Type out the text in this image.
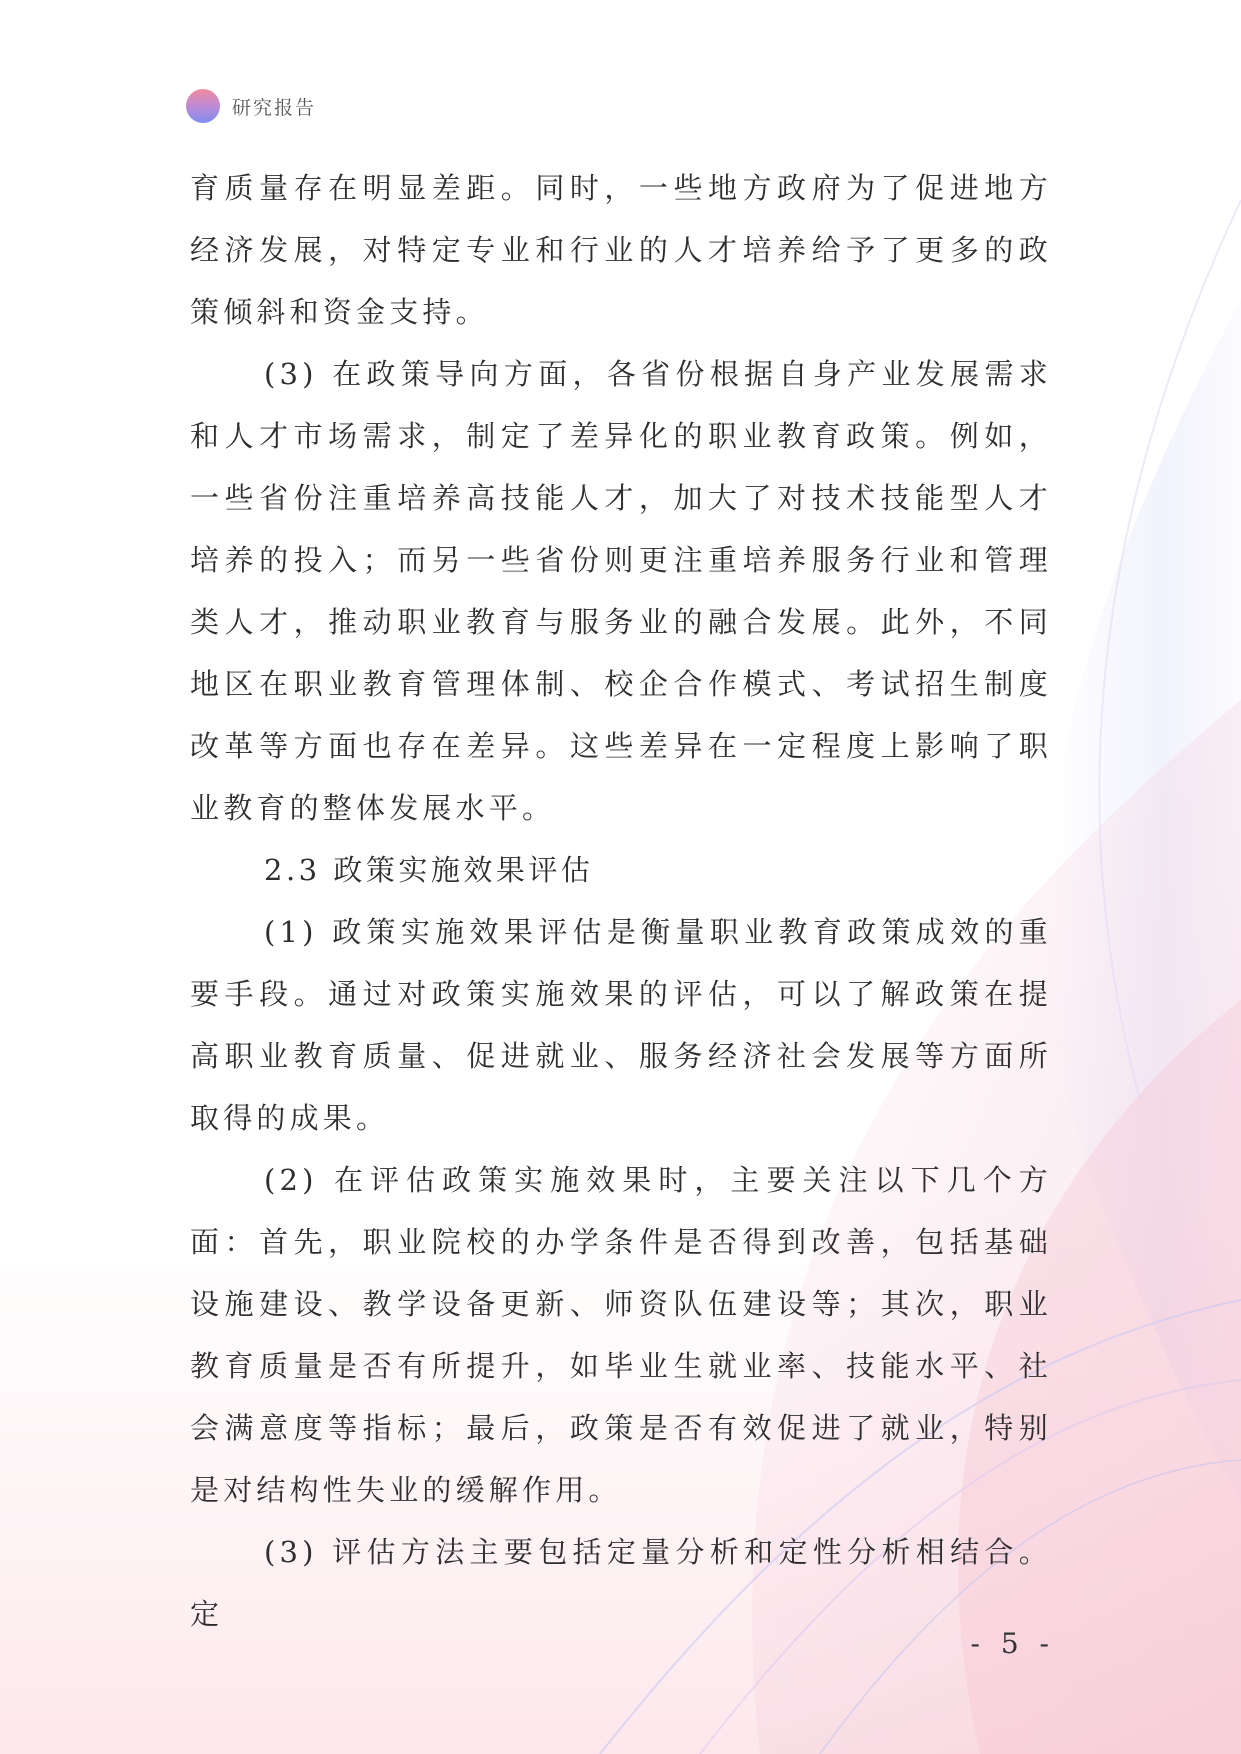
研究报告

育质量存在明显差距。同时，一些地方政府为了促进地方经济发展，对特定专业和行业的人才培养给予了更多的政策倾斜和资金支持。

(3) 在政策导向方面，各省份根据自身产业发展需求和人才市场需求，制定了差异化的职业教育政策。例如，一些省份注重培养高技能人才，加大了对技术技能型人才培养的投入；而另一些省份则更注重培养服务行业和管理类人才，推动职业教育与服务业的融合发展。此外，不同地区在职业教育管理体制、校企合作模式、考试招生制度改革等方面也存在差异。这些差异在一定程度上影响了职业教育的整体发展水平。

2.3 政策实施效果评估

(1) 政策实施效果评估是衡量职业教育政策成效的重要手段。通过对政策实施效果的评估，可以了解政策在提高职业教育质量、促进就业、服务经济社会发展等方面所取得的成果。

(2) 在评估政策实施效果时，主要关注以下几个方面：首先，职业院校的办学条件是否得到改善，包括基础设施建设、教学设备更新、师资队伍建设等；其次，职业教育质量是否有所提升，如毕业生就业率、技能水平、社会满意度等指标；最后，政策是否有效促进了就业，特别是对结构性失业的缓解作用。

(3) 评估方法主要包括定量分析和定性分析相结合。定

- 5 -
